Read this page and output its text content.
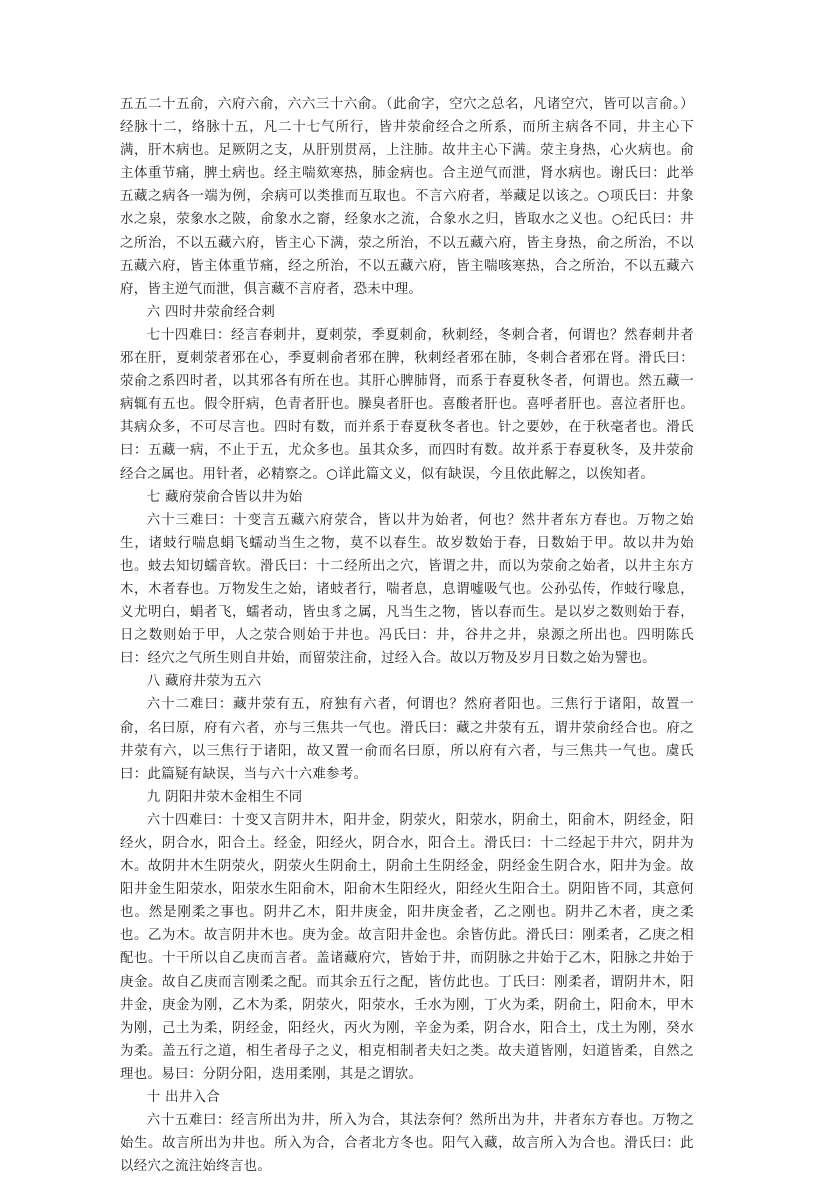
五五二十五俞，六府六俞，六六三十六俞。（此俞字，空穴之总名，凡诸空穴，皆可以言俞。）经脉十二，络脉十五，凡二十七气所行，皆井荥俞经合之所系，而所主病各不同，井主心下满，肝木病也。足厥阴之支，从肝别贯鬲，上注肺。故井主心下满。荥主身热，心火病也。俞主体重节痛，脾土病也。经主喘欬寒热，肺金病也。合主逆气而泄，肾水病也。谢氏曰：此举五藏之病各一端为例，余病可以类推而互取也。不言六府者，举藏足以该之。○项氏曰：井象水之泉，荥象水之陂，俞象水之窬，经象水之流，合象水之归，皆取水之义也。○纪氏曰：井之所治，不以五藏六府，皆主心下满，荥之所治，不以五藏六府，皆主身热，俞之所治，不以五藏六府，皆主体重节痛，经之所治，不以五藏六府，皆主喘咳寒热，合之所治，不以五藏六府，皆主逆气而泄，俱言藏不言府者，恐未中理。

六 四时井荥俞经合刺

七十四难曰：经言春刺井，夏刺荥，季夏刺俞，秋刺经，冬刺合者，何谓也？然春刺井者邪在肝，夏刺荥者邪在心，季夏刺俞者邪在脾，秋刺经者邪在肺，冬刺合者邪在肾。滑氏曰：荥俞之系四时者，以其邪各有所在也。其肝心脾肺肾，而系于春夏秋冬者，何谓也。然五藏一病辄有五也。假令肝病，色青者肝也。臊臭者肝也。喜酸者肝也。喜呼者肝也。喜泣者肝也。其病众多，不可尽言也。四时有数，而并系于春夏秋冬者也。针之要妙，在于秋毫者也。滑氏曰：五藏一病，不止于五，尤众多也。虽其众多，而四时有数。故并系于春夏秋冬，及井荥俞经合之属也。用针者，必精察之。○详此篇文义，似有缺误，今且依此解之，以俟知者。

七 藏府荥俞合皆以井为始

六十三难曰：十变言五藏六府荥合，皆以井为始者，何也？然井者东方春也。万物之始生，诸蚑行喘息蜎飞蠕动当生之物，莫不以春生。故岁数始于春，日数始于甲。故以井为始也。蚑去知切蠕音软。滑氏曰：十二经所出之穴，皆谓之井，而以为荥俞之始者，以井主东方木，木者春也。万物发生之始，诸蚑者行，喘者息，息谓嘘吸气也。公孙弘传，作蚑行喙息，义尤明白，蜎者飞，蠕者动，皆虫豸之属，凡当生之物，皆以春而生。是以岁之数则始于春，日之数则始于甲，人之荥合则始于井也。冯氏曰：井，谷井之井，泉源之所出也。四明陈氏曰：经穴之气所生则自井始，而留荥注俞，过经入合。故以万物及岁月日数之始为譬也。

八 藏府井荥为五六

六十二难曰：藏井荥有五，府独有六者，何谓也？然府者阳也。三焦行于诸阳，故置一俞，名曰原，府有六者，亦与三焦共一气也。滑氏曰：藏之井荥有五，谓井荥俞经合也。府之井荥有六，以三焦行于诸阳，故又置一俞而名曰原，所以府有六者，与三焦共一气也。虞氏曰：此篇疑有缺误，当与六十六难参考。

九 阴阳井荥木金相生不同

六十四难曰：十变又言阴井木，阳井金，阴荥火，阳荥水，阴俞土，阳俞木，阴经金，阳经火，阴合水，阳合土。经金，阳经火，阴合水，阳合土。滑氏曰：十二经起于井穴，阴井为木。故阴井木生阴荥火，阴荥火生阴俞土，阴俞土生阴经金，阴经金生阴合水，阳井为金。故阳井金生阳荥水，阳荥水生阳俞木，阳俞木生阳经火，阳经火生阳合土。阴阳皆不同，其意何也。然是刚柔之事也。阴井乙木，阳井庚金，阳井庚金者，乙之刚也。阴井乙木者，庚之柔也。乙为木。故言阴井木也。庚为金。故言阳井金也。余皆仿此。滑氏曰：刚柔者，乙庚之相配也。十干所以自乙庚而言者。盖诸藏府穴，皆始于井，而阴脉之井始于乙木，阳脉之井始于庚金。故自乙庚而言刚柔之配。而其余五行之配，皆仿此也。丁氏曰：刚柔者，谓阴井木，阳井金，庚金为刚，乙木为柔，阴荥火，阳荥水，壬水为刚，丁火为柔，阴俞土，阳俞木，甲木为刚，己土为柔，阴经金，阳经火，丙火为刚，辛金为柔，阴合水，阳合土，戊土为刚，癸水为柔。盖五行之道，相生者母子之义，相克相制者夫妇之类。故夫道皆刚，妇道皆柔，自然之理也。易曰：分阴分阳，迭用柔刚，其是之谓欤。

十 出井入合

六十五难曰：经言所出为井，所入为合，其法奈何？然所出为井，井者东方春也。万物之始生。故言所出为井也。所入为合，合者北方冬也。阳气入藏，故言所入为合也。滑氏曰：此以经穴之流注始终言也。
